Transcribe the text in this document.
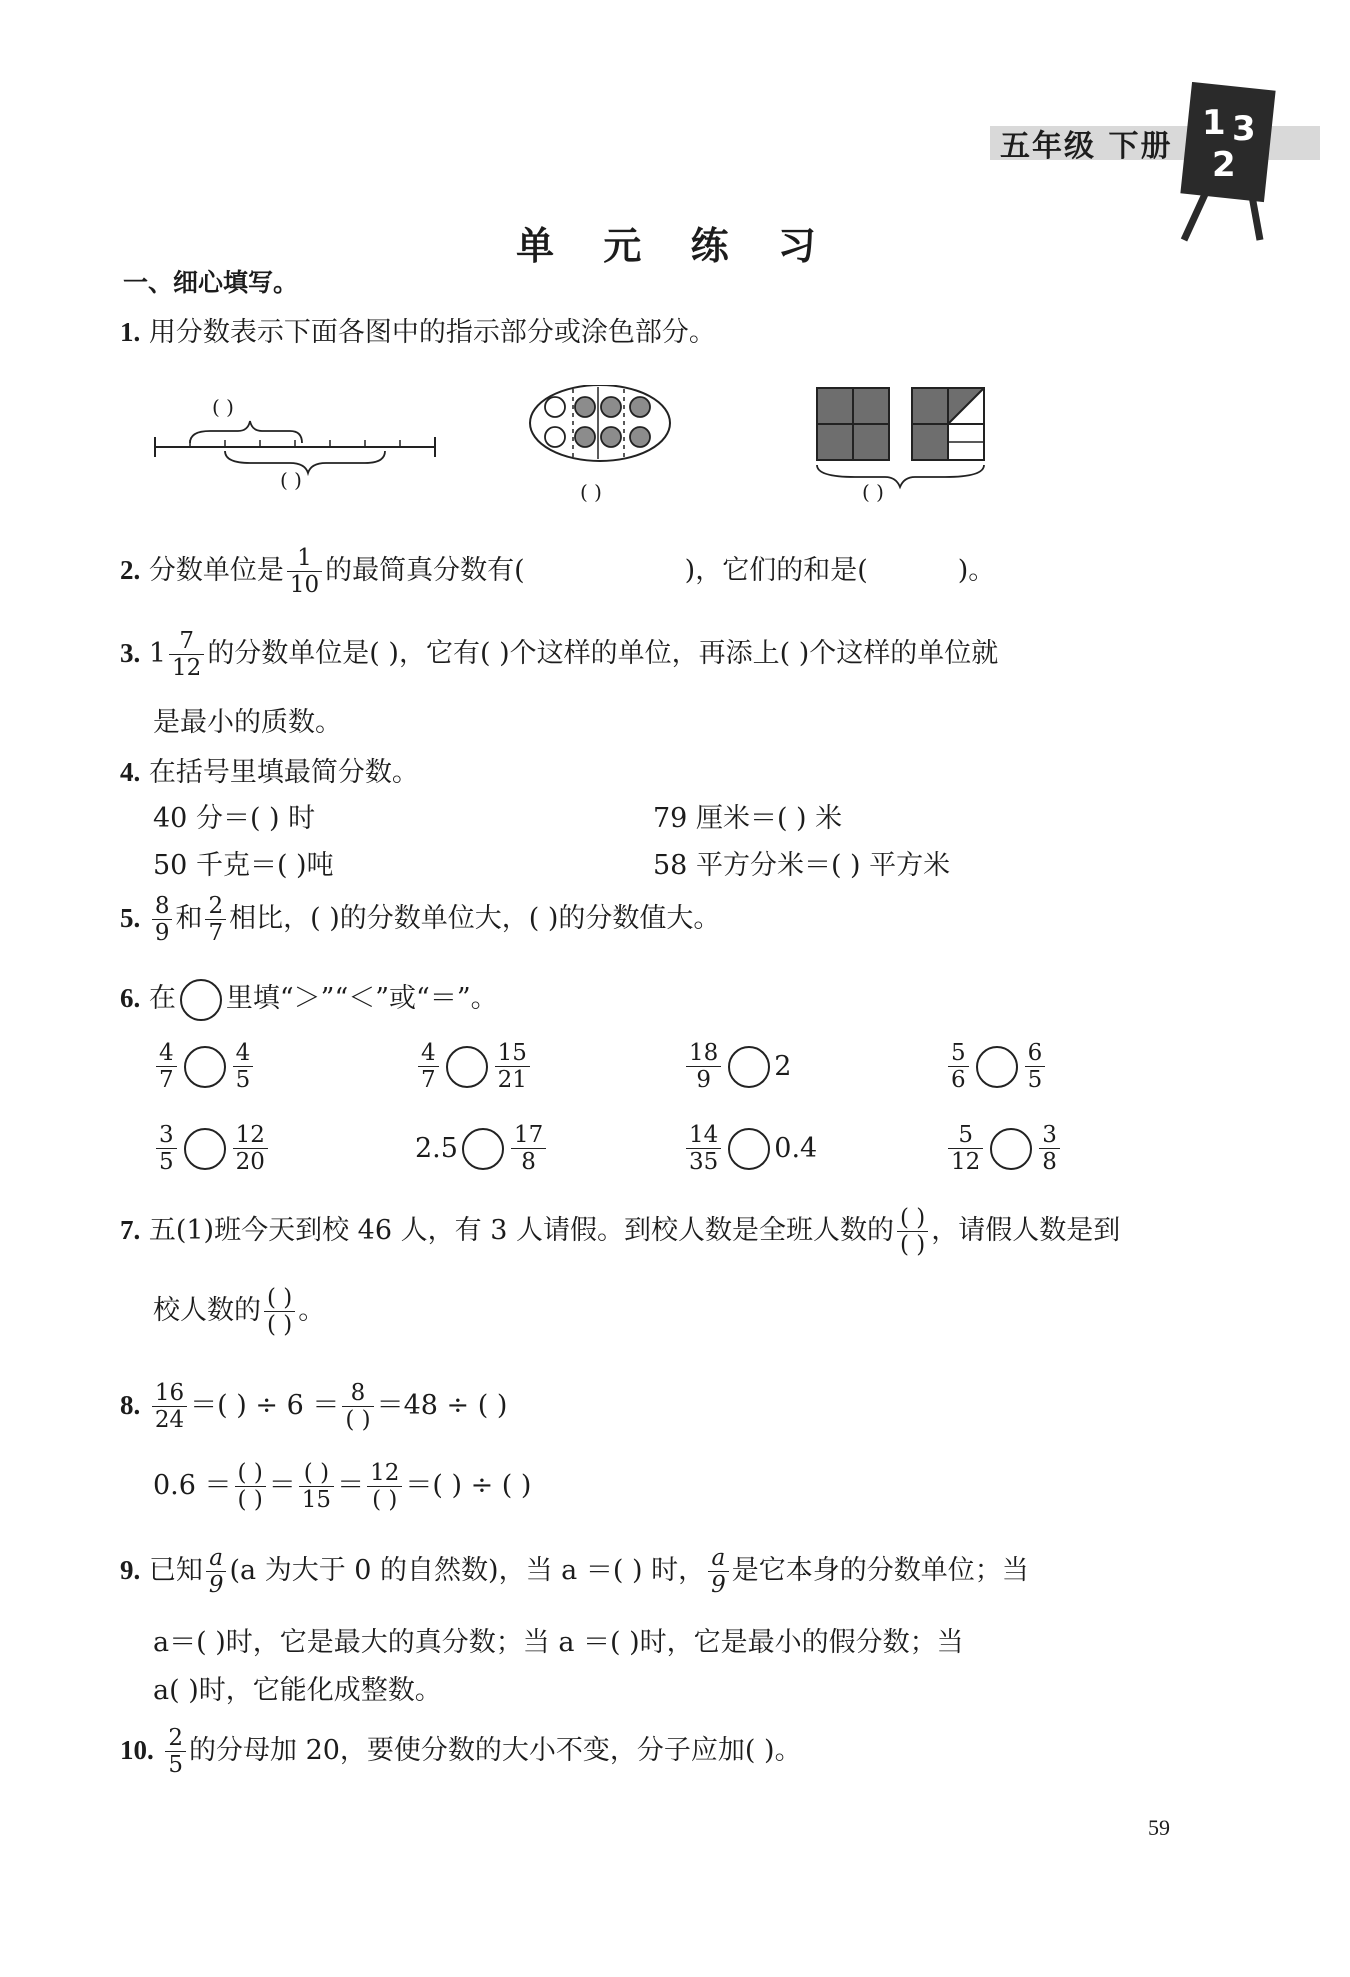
五年级 下册
1 3
2
单 元 练 习
一、细心填写。
1. 用分数表示下面各图中的指示部分或涂色部分。
( )
( )	( )	( )
2. 分数单位是 $\frac{1}{10}$ 的最简真分数有(	)，它们的和是(	)。
3. $1 \frac{7}{12}$ 的分数单位是( )，它有( )个这样的单位，再添上( )个这样的单位就
是最小的质数。
4. 在括号里填最简分数。
40 分＝( ) 时	79 厘米＝( ) 米
50 千克＝( )吨	58 平方分米＝( ) 平方米
5. $\frac{8}{9}$ 和 $\frac{2}{7}$ 相比，( )的分数单位大，( )的分数值大。
6. 在 里填“＞”“＜”或“＝”。
$\frac{4}{7} \frac{4}{5}$	$\frac{4}{7} \frac{15}{21}$	$\frac{18}{9} 2$	$\frac{5}{6} \frac{6}{5}$
$\frac{3}{5} \frac{12}{20}$	$2.5 \frac{17}{8}$	$\frac{14}{35} 0.4$	$\frac{5}{12} \frac{3}{8}$
7. 五(1)班今天到校 46 人，有 3 人请假。到校人数是全班人数的 ( )
( ) ，请假人数是到
校人数的 ( )
( ) 。
8. $\frac{16}{24}$ ＝( ) ÷ 6 ＝ 8
( ) ＝48 ÷ ( )
0.6 ＝ ( )
( ) ＝ ( )
15 ＝ 12
( ) ＝( ) ÷ ( )
9. 已知 $\frac{a}{9} (a$ 为大于 0 的自然数)，当 a ＝( ) 时， $\frac{a}{9}$ 是它本身的分数单位；当
a＝( )时，它是最大的真分数；当 a ＝( )时，它是最小的假分数；当
a( )时，它能化成整数。
10. $\frac{2}{5}$ 的分母加 20，要使分数的大小不变，分子应加( )。
59
